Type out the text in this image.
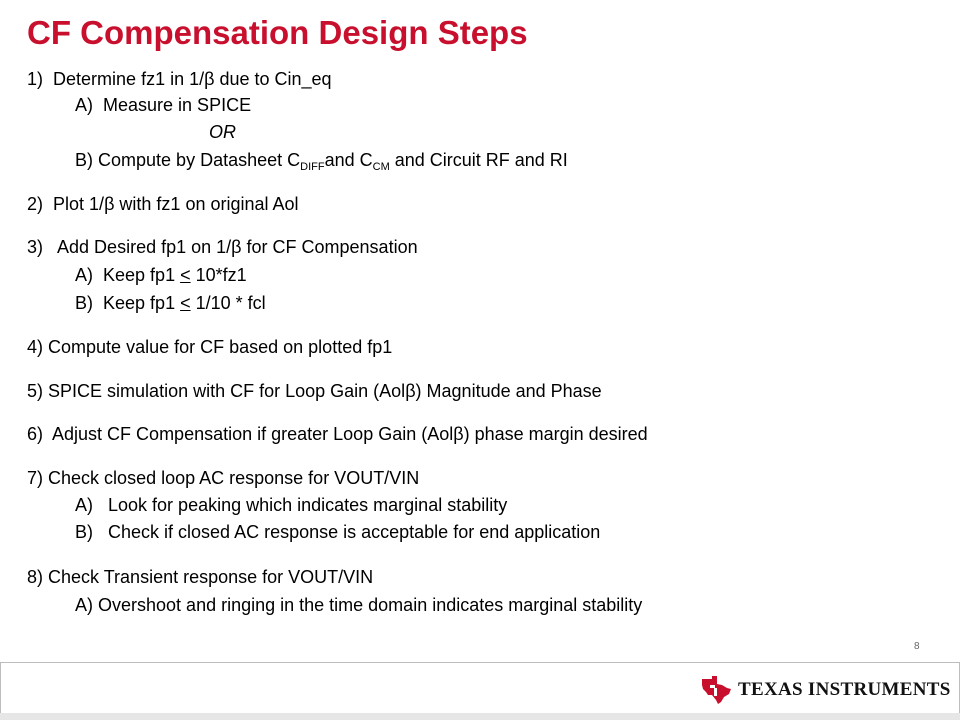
CF Compensation Design Steps
1) Determine fz1 in 1/β due to Cin_eq
A) Measure in SPICE
OR
B) Compute by Datasheet $C_{DIFF}and$ $C_{CM}$ and Circuit RF and RI
2) Plot 1/β with fz1 on original Aol
3) Add Desired fp1 on 1/β for CF Compensation
A) Keep fp1 ≤ 10*fz1
B) Keep fp1 ≤ 1/10 * fcl
4) Compute value for CF based on plotted fp1
5) SPICE simulation with CF for Loop Gain (Aolβ) Magnitude and Phase
6) Adjust CF Compensation if greater Loop Gain (Aolβ) phase margin desired
7) Check closed loop AC response for VOUT/VIN
A) Look for peaking which indicates marginal stability
B) Check if closed AC response is acceptable for end application
8) Check Transient response for VOUT/VIN
A) Overshoot and ringing in the time domain indicates marginal stability
8
TEXAS INSTRUMENTS
